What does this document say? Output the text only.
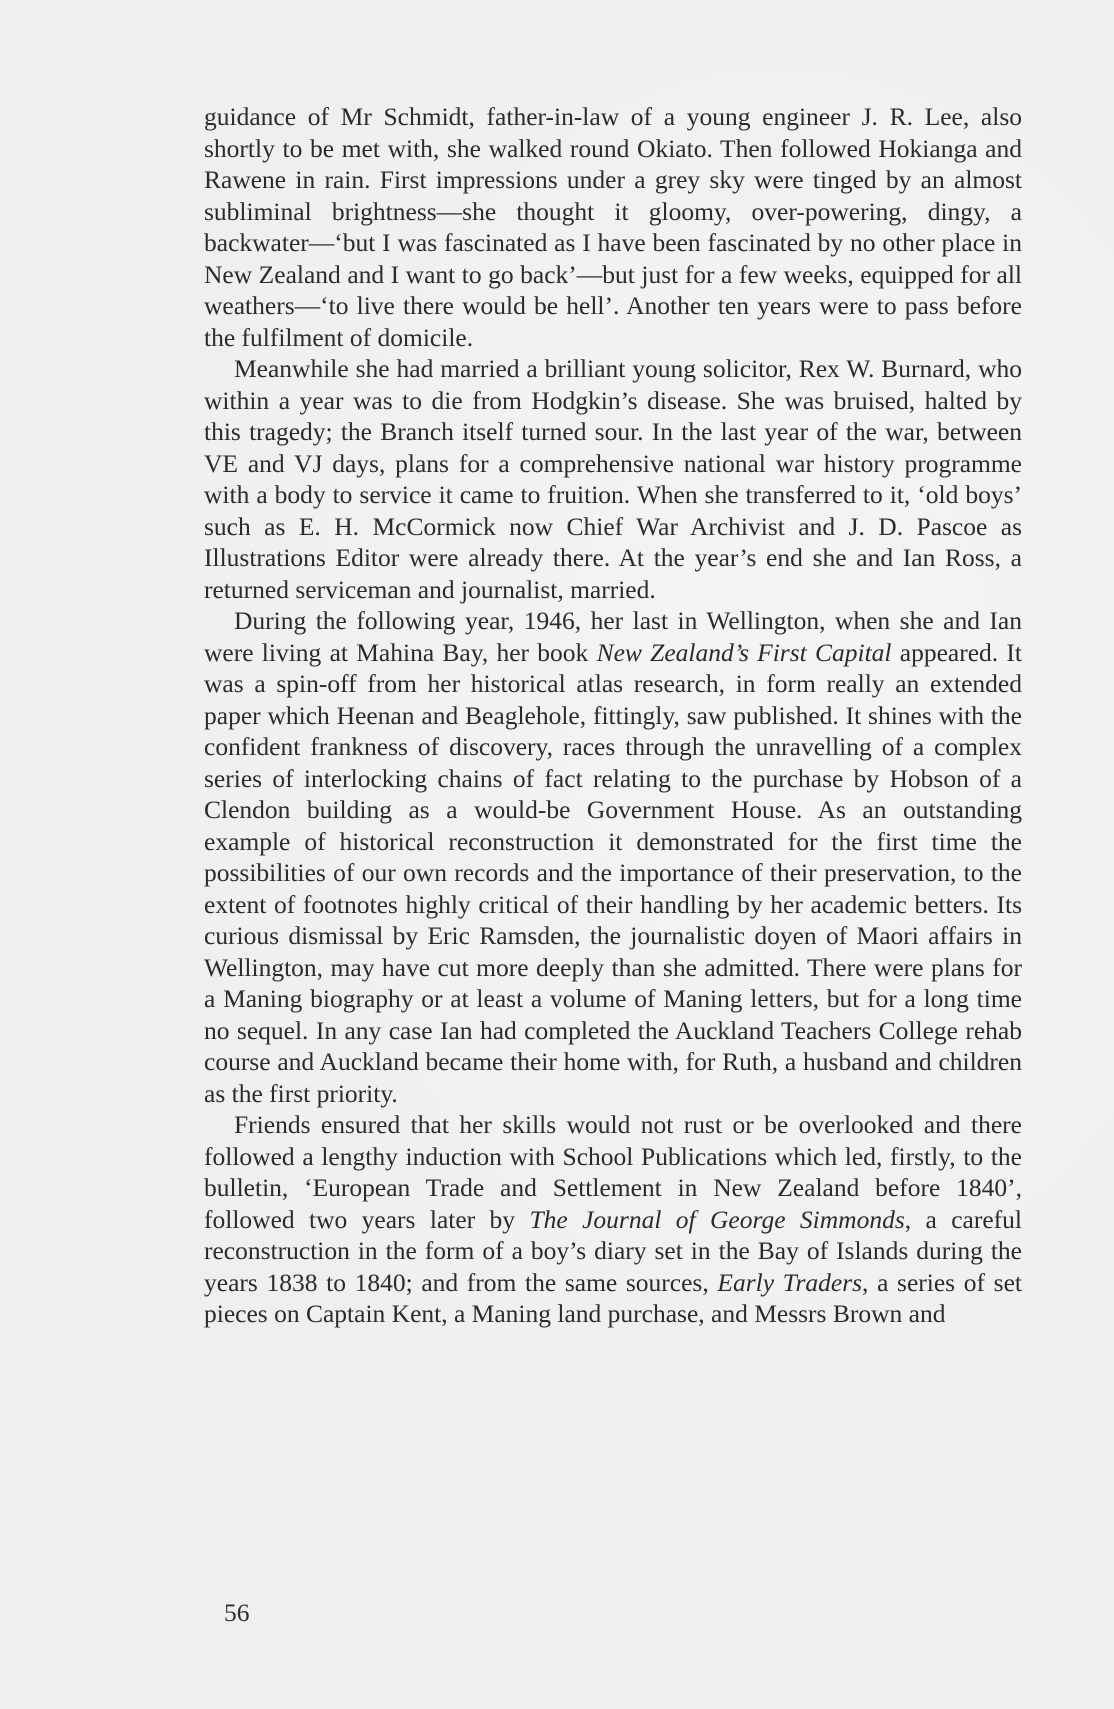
guidance of Mr Schmidt, father-in-law of a young engineer J. R. Lee, also shortly to be met with, she walked round Okiato. Then followed Hokianga and Rawene in rain. First impressions under a grey sky were tinged by an almost subliminal brightness—she thought it gloomy, over-powering, dingy, a backwater—‘but I was fascinated as I have been fascinated by no other place in New Zealand and I want to go back’—but just for a few weeks, equipped for all weathers—‘to live there would be hell’. Another ten years were to pass before the fulfilment of domicile.

Meanwhile she had married a brilliant young solicitor, Rex W. Burnard, who within a year was to die from Hodgkin’s disease. She was bruised, halted by this tragedy; the Branch itself turned sour. In the last year of the war, between VE and VJ days, plans for a comprehensive national war history programme with a body to service it came to fruition. When she transferred to it, ‘old boys’ such as E. H. McCormick now Chief War Archivist and J. D. Pascoe as Illustrations Editor were already there. At the year’s end she and Ian Ross, a returned serviceman and journalist, married.

During the following year, 1946, her last in Wellington, when she and Ian were living at Mahina Bay, her book New Zealand’s First Capital appeared. It was a spin-off from her historical atlas research, in form really an extended paper which Heenan and Beaglehole, fittingly, saw published. It shines with the confident frankness of discovery, races through the unravelling of a complex series of interlocking chains of fact relating to the purchase by Hobson of a Clendon building as a would-be Government House. As an outstanding example of historical reconstruction it demonstrated for the first time the possibilities of our own records and the importance of their preservation, to the extent of footnotes highly critical of their handling by her academic betters. Its curious dismissal by Eric Ramsden, the journalistic doyen of Maori affairs in Wellington, may have cut more deeply than she admitted. There were plans for a Maning biography or at least a volume of Maning letters, but for a long time no sequel. In any case Ian had completed the Auckland Teachers College rehab course and Auckland became their home with, for Ruth, a husband and children as the first priority.

Friends ensured that her skills would not rust or be overlooked and there followed a lengthy induction with School Publications which led, firstly, to the bulletin, ‘European Trade and Settlement in New Zealand before 1840’, followed two years later by The Journal of George Simmonds, a careful reconstruction in the form of a boy’s diary set in the Bay of Islands during the years 1838 to 1840; and from the same sources, Early Traders, a series of set pieces on Captain Kent, a Maning land purchase, and Messrs Brown and

56
